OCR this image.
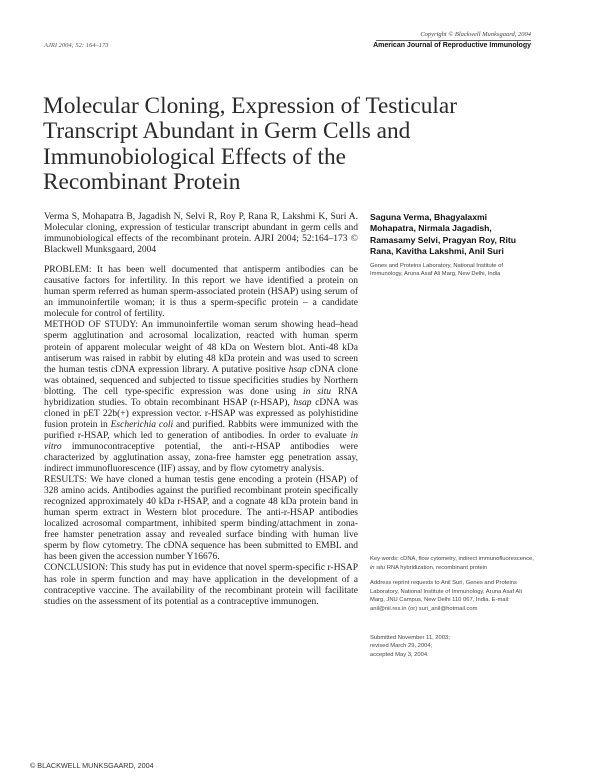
AJRI 2004; 52: 164–173
Copyright © Blackwell Munksgaard, 2004
American Journal of Reproductive Immunology
Molecular Cloning, Expression of Testicular
Transcript Abundant in Germ Cells and
Immunobiological Effects of the
Recombinant Protein

Verma S, Mohapatra B, Jagadish N, Selvi R, Roy P, Rana R, Lakshmi K, Suri A. Molecular cloning, expression of testicular transcript abundant in germ cells and immunobiological effects of the recombinant protein. AJRI 2004; 52:164–173 © Blackwell Munksgaard, 2004

PROBLEM: It has been well documented that antisperm antibodies can be causative factors for infertility. In this report we have identified a protein on human sperm referred as human sperm-associated protein (HSAP) using serum of an immunoinfertile woman; it is thus a sperm-specific protein – a candidate molecule for control of fertility.

METHOD OF STUDY: An immunoinfertile woman serum showing head–head sperm agglutination and acrosomal localization, reacted with human sperm protein of apparent molecular weight of 48 kDa on Western blot. Anti-48 kDa antiserum was raised in rabbit by eluting 48 kDa protein and was used to screen the human testis cDNA expression library. A putative positive hsap cDNA clone was obtained, sequenced and subjected to tissue specificities studies by Northern blotting. The cell type-specific expression was done using in situ RNA hybridization studies. To obtain recombinant HSAP (r-HSAP), hsap cDNA was cloned in pET 22b(+) expression vector. r-HSAP was expressed as polyhistidine fusion protein in Escherichia coli and purified. Rabbits were immunized with the purified r-HSAP, which led to generation of antibodies. In order to evaluate in vitro immunocontraceptive potential, the anti-r-HSAP antibodies were characterized by agglutination assay, zona-free hamster egg penetration assay, indirect immunofluorescence (IIF) assay, and by flow cytometry analysis.

RESULTS: We have cloned a human testis gene encoding a protein (HSAP) of 328 amino acids. Antibodies against the purified recombinant protein specifically recognized approximately 40 kDa r-HSAP, and a cognate 48 kDa protein band in human sperm extract in Western blot procedure. The anti-r-HSAP antibodies localized acrosomal compartment, inhibited sperm binding/attachment in zona-free hamster penetration assay and revealed surface binding with human live sperm by flow cytometry. The cDNA sequence has been submitted to EMBL and has been given the accession number Y16676.

CONCLUSION: This study has put in evidence that novel sperm-specific r-HSAP has role in sperm function and may have application in the development of a contraceptive vaccine. The availability of the recombinant protein will facilitate studies on the assessment of its potential as a contraceptive immunogen.

Saguna Verma, Bhagyalaxmi Mohapatra, Nirmala Jagadish, Ramasamy Selvi, Pragyan Roy, Ritu Rana, Kavitha Lakshmi, Anil Suri
Genes and Proteins Laboratory, National Institute of Immunology, Aruna Asaf Ali Marg, New Delhi, India

Key words: cDNA, flow cytometry, indirect immunofluorescence, in situ RNA hybridization, recombinant protein

Address reprint requests to Anil Suri, Genes and Proteins Laboratory, National Institute of Immunology, Aruna Asaf Ali Marg, JNU Campus, New Delhi 110 067, India. E-mail: anil@nii.res.in (or) suri_anil@hotmail.com

Submitted November 11, 2003;
revised March 29, 2004;
accepted May 3, 2004.

© BLACKWELL MUNKSGAARD, 2004
